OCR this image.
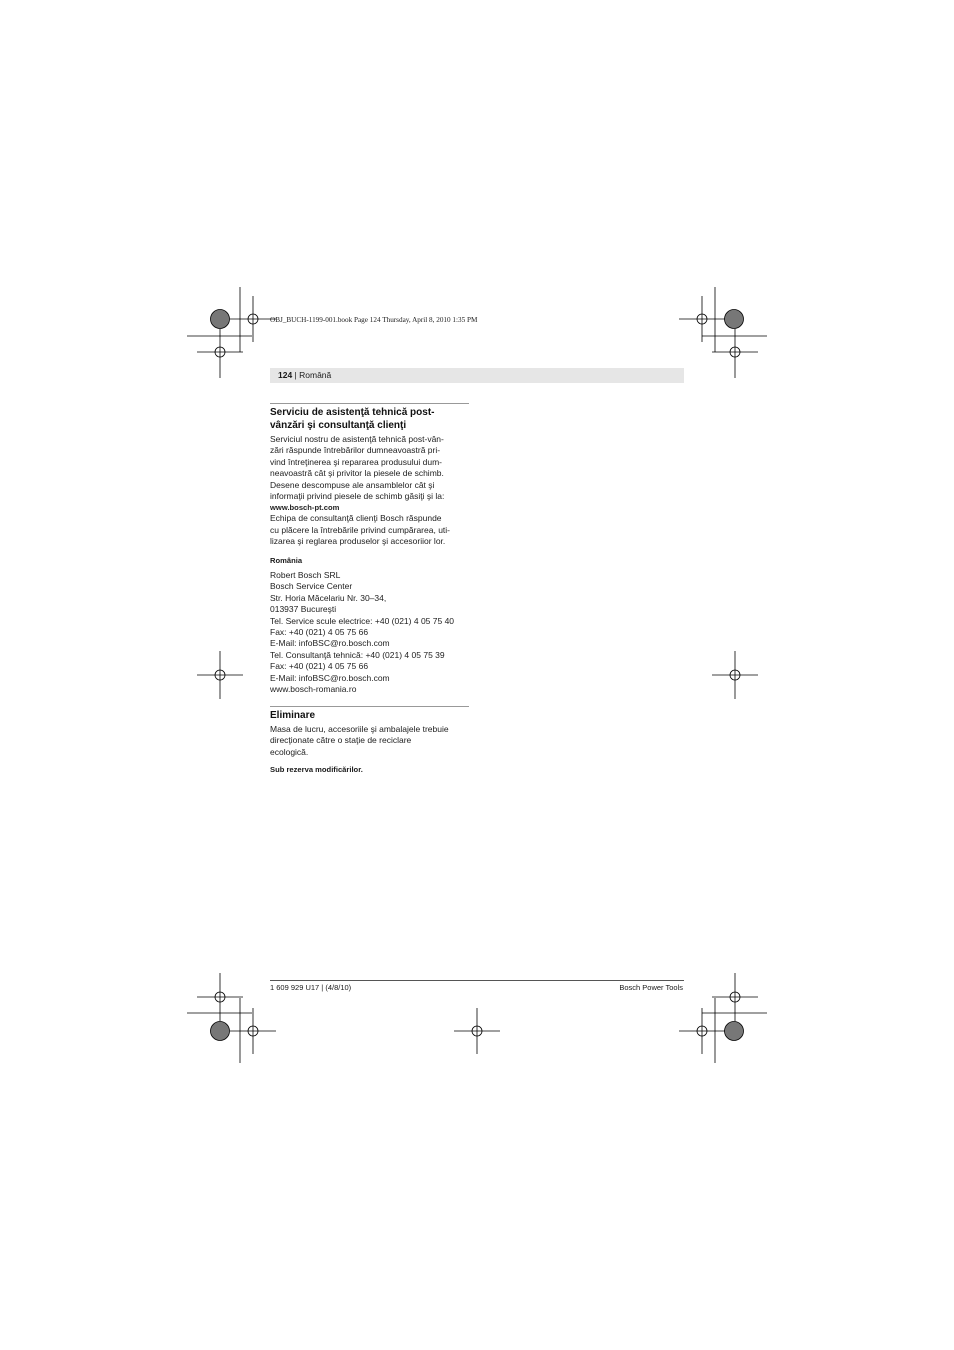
OBJ_BUCH-1199-001.book Page 124 Thursday, April 8, 2010 1:35 PM
124 | Română
Serviciu de asistenţă tehnică post-
vânzări şi consultanţă clienţi
Serviciul nostru de asistenţă tehnică post-vân-
zări răspunde întrebărilor dumneavoastră pri-
vind întreţinerea şi repararea produsului dum-
neavoastră cât şi privitor la piesele de schimb.
Desene descompuse ale ansamblelor cât şi
informaţii privind piesele de schimb găsiţi şi la:
www.bosch-pt.com
Echipa de consultanţă clienţi Bosch răspunde
cu plăcere la întrebările privind cumpărarea, uti-
lizarea şi reglarea produselor şi accesoriior lor.
România
Robert Bosch SRL
Bosch Service Center
Str. Horia Măcelariu Nr. 30–34,
013937 Bucureşti
Tel. Service scule electrice: +40 (021) 4 05 75 40
Fax: +40 (021) 4 05 75 66
E-Mail: infoBSC@ro.bosch.com
Tel. Consultanţă tehnică: +40 (021) 4 05 75 39
Fax: +40 (021) 4 05 75 66
E-Mail: infoBSC@ro.bosch.com
www.bosch-romania.ro
Eliminare
Masa de lucru, accesoriile şi ambalajele trebuie
direcţionate către o staţie de reciclare
ecologică.
Sub rezerva modificărilor.
1 609 929 U17 | (4/8/10)	Bosch Power Tools
